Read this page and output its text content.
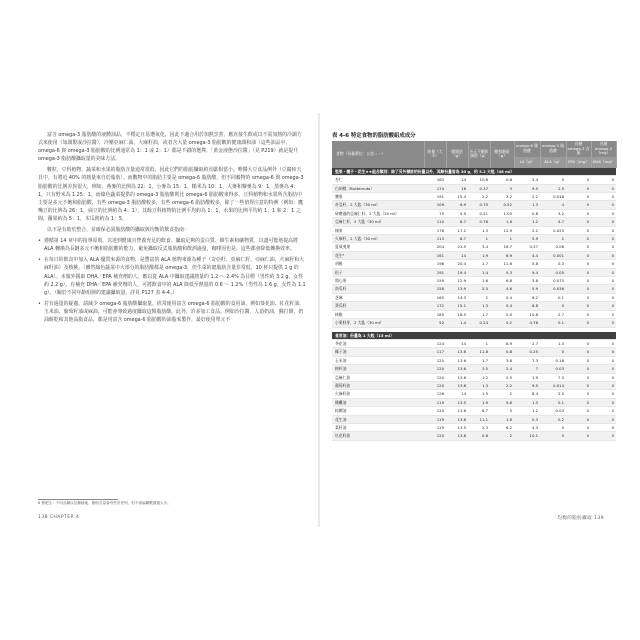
富含 omega-3 脂肪酸的液體油品，不穩定且易遭氧化，因此不適合用於加熱烹煮，應直接生飲或以不需加熱的冷調方式來使用（如調製成沙拉醬）。冷壓亞麻仁油、大麻籽油，或者含大量 omega-3 脂肪酸的健康調和油（這些油品中，omega-6 與 omega-3 脂肪酸的比例通常為 1：1 或 2：1）都是不錯的選擇，「黃金液態沙拉醬」（見 P219）就是提升 omega-3 脂肪酸攝取量的美味方法。

數粒，豆科植物，蔬菜和水果的脂肪含量通常很低，因此它們的脂肪攝取約貢獻相當小。唯獨大豆食品例外（豆腐和天貝中，有將近 40% 的熱量來自於脂肪）。而數物中的脂肪主要是 omega-6 脂肪酸，但不同穀物的 omega-6 與 omega-3 脂肪酸的比例差異很大，例如，燕麥的比例為 22：1，小麥為 15：1，糙米為 10：1，大麥和藜麥為 9：1，黑麥為 4：1，只有野米為 1.25：1。而綠色蔬菜提供的 omega-3 脂肪酸則比 omega-6 脂肪酸來得多，豆科植物和水果所含脂肪中主要是多元不飽和脂肪酸，有些 omega-3 脂肪酸較多，有些 omega-6 脂肪酸較多，除了一些值得注意的特例（例如：鷹嘴豆的比例為 26：1，扁豆的比例約為 4：1），其餘豆科植物的比例平均約為 1：1，水果的比例平均約 1：1 和 2：1 之間，蘿果約為 5：1，木瓜則約為 1：5。

以下是有助於整合，並確保必需脂肪酸的攝取與均衡的飲食指南：

• 遵循第 14 章中的指導原則，以達到健康且營養充足的飲食。攝取足夠的蛋白質、維生素和礦物質，以盡可能地提高將 ALA 轉換為長鏈多元不飽和脂肪酸的能力，避免攝取反式脂肪酸和飲酒過量，咖啡因也是，這些都會降低轉換效率。
• 在每日的飲食中加入 ALA 優質來源的食物，是豐富的 ALA 植物來源為種子（奇亞籽、亞麻仁籽、亞麻仁油，火麻籽和大麻籽油）及核桃。（雖然綠色蔬菜中大部分的脂肪酸都是 omega-3，但生菜的總脂肪含量非常低，10 杯只提供 1 g 的 ALA）。未服外援取 DHA／EPA 補充劑的人，應以從 ALA 中攝取建議熱量的 1.2 ～ 2.4% 為目標（男性約 3.2 g，女性約 2.2 g）。有補充 DHA／EPA 補充劑的人，可將飲食中的 ALA 降低至熱量的 0.6 ～ 1.2%（男性為 1.6 g，女性為 1.1 g）。（關於不同年齡組層的建議攝取量，詳見 P127 表 4-4。）
• 若有過量的疑慮，請減少 omega-6 脂肪酸攝取量。經常使用富含 omega-6 脂肪酸的食用油，例如葵花油、紅花籽油、玉米油、葡萄籽油或麻油，可能會導致過度攝取這類脂肪酸。此外，許多加工食品，例如沙拉醬，人造奶油，蘇打餅，奶油餅乾和其他高脂食品，都是用富含 omega-6 脂肪酸的油脂來製作，最好使用單元不
8 蕈肥生：不同品種以及種植地，脂肪含量會有些許差別，但不會偏離數據過太多。
138 CHAPTER 4
表 4-6 特定食物的脂肪酸組成成分
食物（份量單位：公克＝－）	熱量（大卡）	總脂肪（g）	多元不飽和脂肪（g）	飽和脂肪（g）	omega-6 脂肪酸	omega-3 脂肪酸	長鏈 omega-3 含量	長鏈 omega-3（mg）
					LA（g）	ALA（g）	EPA（mg）	DHA（mg）
堅果・種子・花生★★組合類別：除了另外標註的份量以外，其餘份量皆為 30 g，約 3.2 大匙（48 ml）								
杏仁	163	14	10.6	0.8	3.4	0	0	0
白胡桃（Butternuts）	174	16	0.37	3	9.5	2.5	0	0
腰果	191	15.4	2.2	3.2	2.2	0.018	0	0
奇亞籽，2 大匙（30 ml）	109	6.9	0.75	0.52	1.3	4	0	0
研磨過的亞麻仁籽，2 大匙（30 ml）	75	5.9	0.51	1.05	0.8	3.2	0	0
亞麻仁籽，2 大匙（30 ml）	110	8.7	0.76	1.6	1.2	4.7	0	0
榛果	178	17.2	1.3	12.9	2.2	0.025	0	0
火麻籽，2 大匙（30 ml）	113	8.7	1	1	5.9	2	0	0
夏威夷果	204	21.5	3.4	16.7	0.37	0.06	0	0
花生⁸	161	14	1.9	6.9	4.4	0.001	0	0
胡桃	196	20.4	1.7	11.6	5.8	0.3	0	0
松子	191	19.4	1.4	5.3	9.4	0.05	0	0
開心果	159	12.9	1.6	6.8	3.8	0.073	0	0
南瓜籽	158	13.9	2.5	4.6	5.9	0.036	0	0
芝麻	165	14.3	2	5.4	6.2	0.1	0	0
葵瓜籽	172	15.1	1.3	5.4	6.8	0	0	0
核桃	185	18.5	1.7	2.5	10.8	2.7	0	0
小麥胚芽，2 大匙（30 ml）	52	1.4	0.24	0.2	0.76	0.1	0	0

食用油：份量為 1 大匙（15 ml）								
芥花油	124	14	1	8.9	2.7	1.3	0	0
椰子油	117	13.6	11.8	0.8	0.25	0	0	0
玉米油	120	13.6	1.7	3.8	7.3	0.16	0	0
棉籽油	120	13.6	3.5	2.4	7	0.03	0	0
亞麻仁油	120	13.6	1.2	2.5	1.9	7.3	0	0
葡萄籽油	120	13.6	1.3	2.2	9.5	0.014	0	0
火麻籽油	126	14	1.5	2	8.4	2.5	0	0
橄欖油	119	13.5	1.9	9.8	1.3	0.1	0	0
棕櫚油	120	13.6	6.7	5	1.2	0.03	0	0
花生油	119	13.6	11.1	1.6	0.3	0.2	0	0
菜籽油	119	13.5	2.3	6.2	4.3	0	0	0
紅花籽油	120	13.6	0.8	2	10.1	0	0	0
均衡的脂肪攝取 139
